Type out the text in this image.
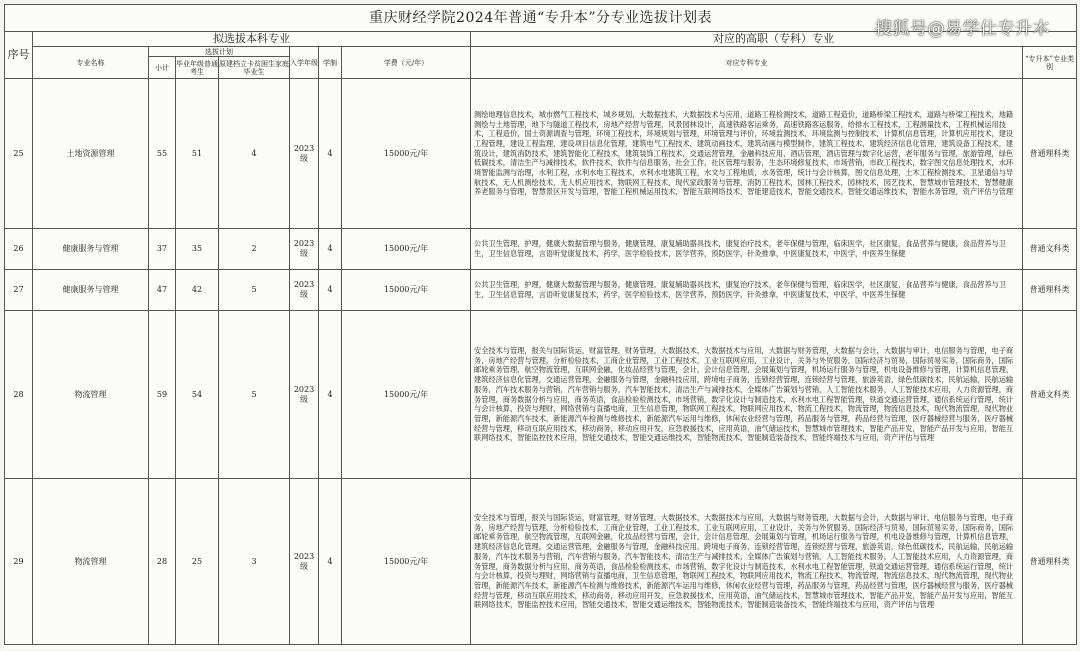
重庆财经学院2024年普通“专升本”分专业选拔计划表									
序号	拟选拔本科专业							对应的高职（专科）专业	
	专业名称	选拔计划			入学年级	学制	学费（元/年）	对应专科专业	“专升本”专业类别
		小计	毕业年级普通考生	原建档立卡贫困生家庭毕业生					
25	土地资源管理	55	51	4	2023级	4	15000元/年	测绘地理信息技术，城市燃气工程技术，城乡规划，大数据技术，大数据技术与应用，道路工程检测技术，道路工程造价，道路桥梁工程技术，道路与桥梁工程技术，地籍测绘与土地管理，地下与隧道工程技术，房地产经营与管理，风景园林设计，高速铁路客运乘务，高速铁路客运服务，给排水工程技术，工程测量技术，工程机械运用技术，工程造价，国土资源调查与管理，环境工程技术，环境规划与管理，环境管理与评价，环境监测技术，环境监测与控制技术，计算机信息管理，计算机应用技术，建设工程管理，建设工程监理，建设项目信息化管理，建筑电气工程技术，建筑动画技术，建筑动画与模型制作，建筑工程技术，建筑经济信息化管理，建筑设备工程技术，建筑设计，建筑消防技术，建筑智能化工程技术，建筑装饰工程技术，交通运营管理，金融科技应用，酒店管理，酒店管理与数字化运营，老年服务与管理，旅游管理，绿色低碳技术，清洁生产与减排技术，软件技术，软件与信息服务，社会工作，社区管理与服务，生态环境修复技术，市场营销，市政工程技术，数字图文信息处理技术，水环境智能监测与治理，水利工程，水利水电工程技术，水利水电建筑工程，水文与工程地质，水务管理，统计与会计核算，图文信息处理，土木工程检测技术，卫星通信与导航技术，无人机测绘技术，无人机应用技术，物联网工程技术，现代家政服务与管理，消防工程技术，园林工程技术，园林技术，园艺技术，智慧城市管理技术，智慧健康养老服务与管理，智慧景区开发与管理，智能工程机械运用技术，智能互联网络技术，智能建造技术，智能交通技术，智能交通运维技术，智能水务管理，资产评估与管理	普通理科类
26	健康服务与管理	37	35	2	2023级	4	15000元/年	公共卫生管理，护理，健康大数据管理与服务，健康管理，康复辅助器具技术，康复治疗技术，老年保健与管理，临床医学，社区康复，食品营养与健康，食品营养与卫生，卫生信息管理，言语听觉康复技术，药学，医学检验技术，医学营养，预防医学，针灸推拿，中医康复技术，中医学，中医养生保健	普通文科类
27	健康服务与管理	47	42	5	2023级	4	15000元/年	公共卫生管理，护理，健康大数据管理与服务，健康管理，康复辅助器具技术，康复治疗技术，老年保健与管理，临床医学，社区康复，食品营养与健康，食品营养与卫生，卫生信息管理，言语听觉康复技术，药学，医学检验技术，医学营养，预防医学，针灸推拿，中医康复技术，中医学，中医养生保健	普通理科类
28	物流管理	59	54	5	2023级	4	15000元/年	安全技术与管理，报关与国际货运，财富管理，财务管理，大数据技术，大数据技术与应用，大数据与财务管理，大数据与会计，大数据与审计，电信服务与管理，电子商务，房地产经营与管理，分析检验技术，工商企业管理，工业工程技术，工业互联网应用，工业设计，关务与外贸服务，国际经济与贸易，国际贸易实务，国际商务，国际邮轮乘务管理，航空物流管理，互联网金融，化妆品经营与管理，会计，会计信息管理，会展策划与管理，机场运行服务与管理，机电设备维修与管理，计算机信息管理，建筑经济信息化管理，交通运营管理，金融服务与管理，金融科技应用，跨境电子商务，连锁经营管理，连锁经营与管理，旅游英语，绿色低碳技术，民航运输，民航运输服务，汽车技术服务与营销，汽车营销与服务，汽车智能技术，清洁生产与减排技术，全媒体广告策划与营销，人工智能技术服务，人工智能技术应用，人力资源管理，商务管理，商务数据分析与应用，商务英语，食品检验检测技术，市场营销，数字化设计与制造技术，水利水电工程智能管理，铁道交通运营管理，通信系统运行管理，统计与会计核算，投资与理财，网络营销与直播电商，卫生信息管理，物联网工程技术，物联网应用技术，物流工程技术，物流管理，物流信息技术，现代物流管理，现代物业管理，新能源汽车技术，新能源汽车检测与维修技术，新能源汽车运用与维修，休闲农业经营与管理，药品服务与管理，药品经营与管理，医疗器械经营与服务，医疗器械经营与管理，移动互联应用技术，移动商务，移动应用开发，应急救援技术，应用英语，油气储运技术，智慧城市管理技术，智能产品开发，智能产品开发与应用，智能互联网络技术，智能监控技术应用，智能交通技术，智能交通运维技术，智能物流技术，智能制造装备技术，智能终端技术与应用，资产评估与管理	普通文科类
29	物流管理	28	25	3	2023级	4	15000元/年	安全技术与管理，报关与国际货运，财富管理，财务管理，大数据技术，大数据技术与应用，大数据与财务管理，大数据与会计，大数据与审计，电信服务与管理，电子商务，房地产经营与管理，分析检验技术，工商企业管理，工业工程技术，工业互联网应用，工业设计，关务与外贸服务，国际经济与贸易，国际贸易实务，国际商务，国际邮轮乘务管理，航空物流管理，互联网金融，化妆品经营与管理，会计，会计信息管理，会展策划与管理，机场运行服务与管理，机电设备维修与管理，计算机信息管理，建筑经济信息化管理，交通运营管理，金融服务与管理，金融科技应用，跨境电子商务，连锁经营管理，连锁经营与管理，旅游英语，绿色低碳技术，民航运输，民航运输服务，汽车技术服务与营销，汽车营销与服务，汽车智能技术，清洁生产与减排技术，全媒体广告策划与营销，人工智能技术服务，人工智能技术应用，人力资源管理，商务管理，商务数据分析与应用，商务英语，食品检验检测技术，市场营销，数字化设计与制造技术，水利水电工程智能管理，铁道交通运营管理，通信系统运行管理，统计与会计核算，投资与理财，网络营销与直播电商，卫生信息管理，物联网工程技术，物联网应用技术，物流工程技术，物流管理，物流信息技术，现代物流管理，现代物业管理，新能源汽车技术，新能源汽车检测与维修技术，新能源汽车运用与维修，休闲农业经营与管理，药品服务与管理，药品经营与管理，医疗器械经营与服务，医疗器械经营与管理，移动互联应用技术，移动商务，移动应用开发，应急救援技术，应用英语，油气储运技术，智慧城市管理技术，智能产品开发，智能产品开发与应用，智能互联网络技术，智能监控技术应用，智能交通技术，智能交通运维技术，智能物流技术，智能制造装备技术，智能终端技术与应用，资产评估与管理	普通理科类
搜狐号@易学仕专升本
